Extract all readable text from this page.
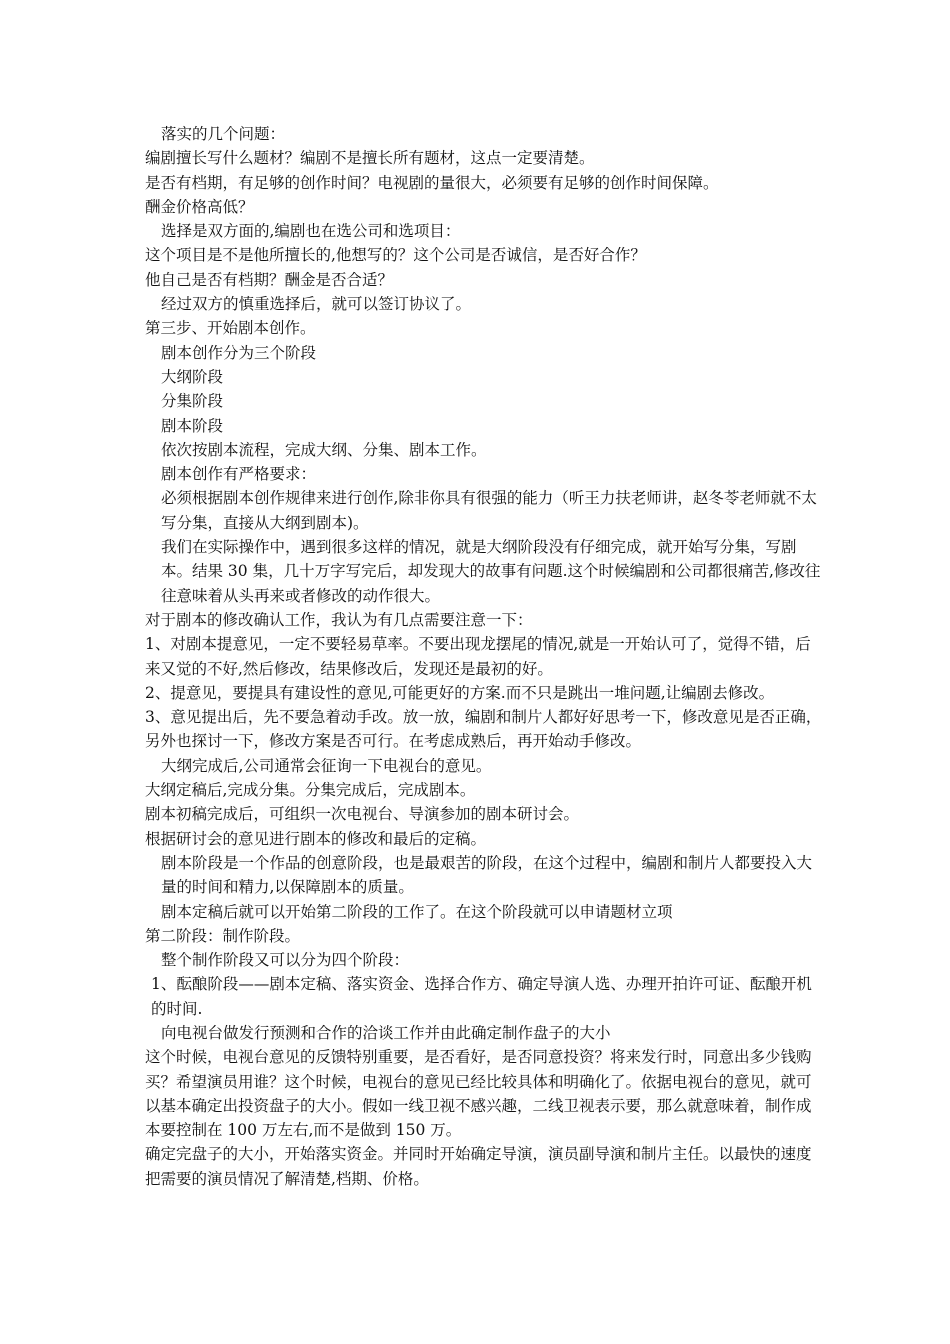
落实的几个问题：

编剧擅长写什么题材？编剧不是擅长所有题材，这点一定要清楚。

是否有档期，有足够的创作时间？电视剧的量很大，必须要有足够的创作时间保障。

酬金价格高低？

选择是双方面的,编剧也在选公司和选项目：

这个项目是不是他所擅长的,他想写的？这个公司是否诚信，是否好合作？

他自己是否有档期？酬金是否合适？

经过双方的慎重选择后，就可以签订协议了。

第三步、开始剧本创作。

剧本创作分为三个阶段

大纲阶段

分集阶段

剧本阶段

依次按剧本流程，完成大纲、分集、剧本工作。

剧本创作有严格要求：

必须根据剧本创作规律来进行创作,除非你具有很强的能力（听王力扶老师讲，赵冬苓老师就不太写分集，直接从大纲到剧本)。

我们在实际操作中，遇到很多这样的情况，就是大纲阶段没有仔细完成，就开始写分集，写剧本。结果 30 集，几十万字写完后，却发现大的故事有问题.这个时候编剧和公司都很痛苦,修改往往意味着从头再来或者修改的动作很大。

对于剧本的修改确认工作，我认为有几点需要注意一下：

1、对剧本提意见，一定不要轻易草率。不要出现龙摆尾的情况,就是一开始认可了，觉得不错，后来又觉的不好,然后修改，结果修改后，发现还是最初的好。

2、提意见，要提具有建设性的意见,可能更好的方案.而不只是跳出一堆问题,让编剧去修改。

3、意见提出后，先不要急着动手改。放一放，编剧和制片人都好好思考一下，修改意见是否正确，另外也探讨一下，修改方案是否可行。在考虑成熟后，再开始动手修改。

大纲完成后,公司通常会征询一下电视台的意见。

大纲定稿后,完成分集。分集完成后，完成剧本。

剧本初稿完成后，可组织一次电视台、导演参加的剧本研讨会。

根据研讨会的意见进行剧本的修改和最后的定稿。

剧本阶段是一个作品的创意阶段，也是最艰苦的阶段，在这个过程中，编剧和制片人都要投入大量的时间和精力,以保障剧本的质量。

剧本定稿后就可以开始第二阶段的工作了。在这个阶段就可以申请题材立项

第二阶段：制作阶段。

整个制作阶段又可以分为四个阶段：

1、酝酿阶段——剧本定稿、落实资金、选择合作方、确定导演人选、办理开拍许可证、酝酿开机的时间.

向电视台做发行预测和合作的洽谈工作并由此确定制作盘子的大小

这个时候，电视台意见的反馈特别重要，是否看好，是否同意投资？将来发行时，同意出多少钱购买？希望演员用谁？这个时候，电视台的意见已经比较具体和明确化了。依据电视台的意见，就可以基本确定出投资盘子的大小。假如一线卫视不感兴趣，二线卫视表示要，那么就意味着，制作成本要控制在 100 万左右,而不是做到 150 万。

确定完盘子的大小，开始落实资金。并同时开始确定导演，演员副导演和制片主任。以最快的速度把需要的演员情况了解清楚,档期、价格。
